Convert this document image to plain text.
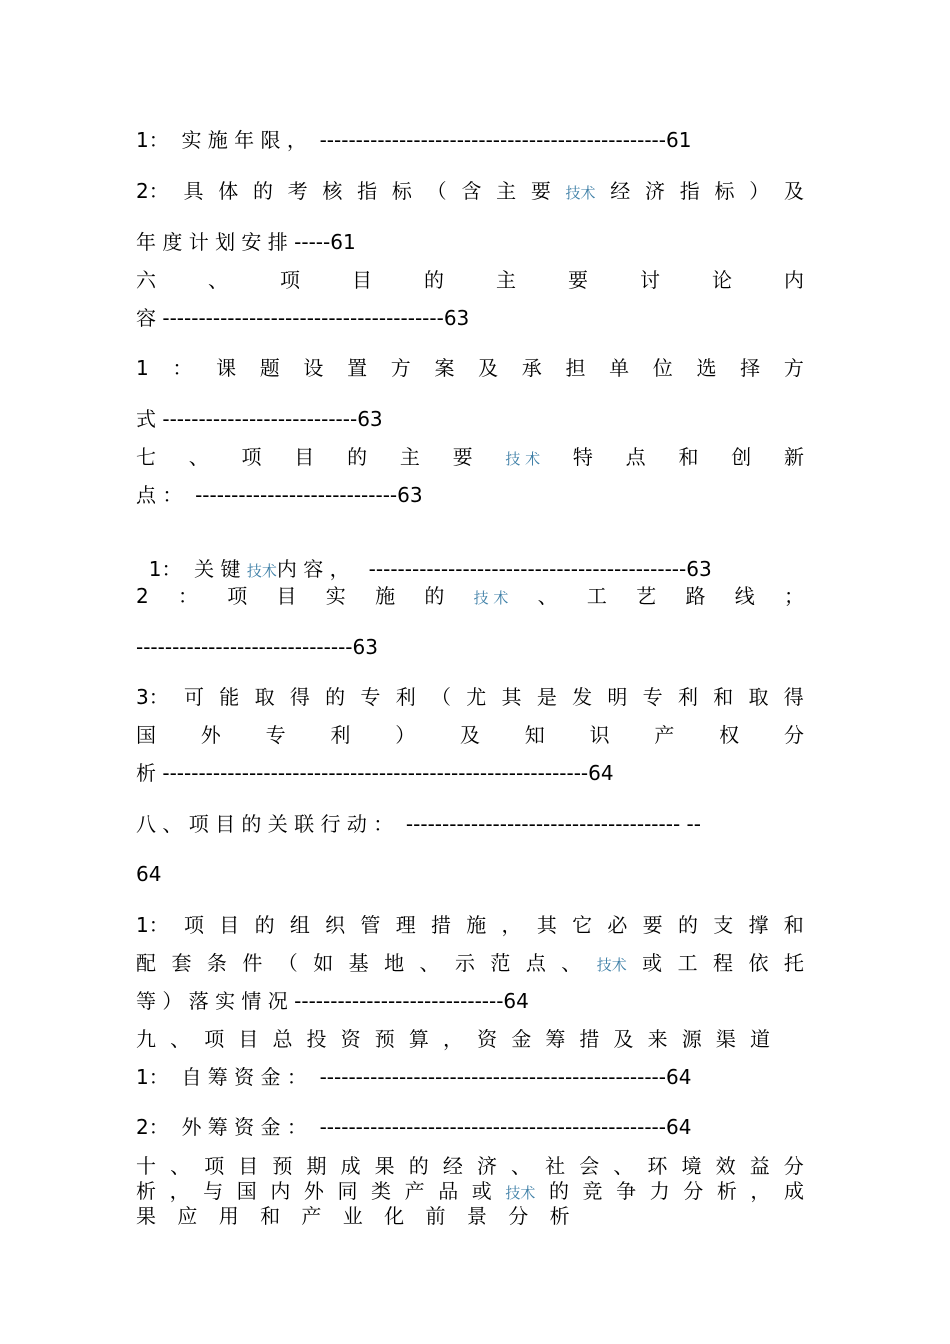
1：  实 施 年 限 ，  ------------------------------------------------61
2： 具 体 的 考 核 指 标 （ 含 主 要 技术 经 济 指 标 ） 及
年 度 计 划 安 排 -----61
六	、	项	目	的	主	要	讨	论	内
容 ---------------------------------------63
1 ： 课 题 设 置 方 案 及 承 担 单 位 选 择 方
式 ---------------------------63
七 、 项 目 的 主 要 技 术 特 点 和 创 新
点 ：  ----------------------------63

1：  关 键 技术内 容 ，   --------------------------------------------63

2 ： 项 目 实 施 的 技 术 、 工 艺 路 线 ；
------------------------------63
3： 可 能 取 得 的 专 利 （ 尤 其 是 发 明 专 利 和 取 得
国 外 专 利 ） 及 知 识 产 权 分
析 -----------------------------------------------------------64
八 、 项 目 的 关 联 行 动 ：  -------------------------------------- --
64
1： 项 目 的 组 织 管 理 措 施 ， 其 它 必 要 的 支 撑 和
配 套 条 件 （ 如 基 地 、 示 范 点 、 技术 或 工 程 依 托
等 ） 落 实 情 况 -----------------------------64
九 、 项 目 总 投 资 预 算 ， 资 金 筹 措 及 来 源 渠 道
1：  自 筹 资 金 ：  ------------------------------------------------64
2：  外 筹 资 金 ：  ------------------------------------------------64
十 、 项 目 预 期 成 果 的 经 济 、 社 会 、 环 境 效 益 分
析 ， 与 国 内 外 同 类 产 品 或 技术 的 竞 争 力 分 析 ， 成
果 应 用 和 产 业 化 前 景 分 析
